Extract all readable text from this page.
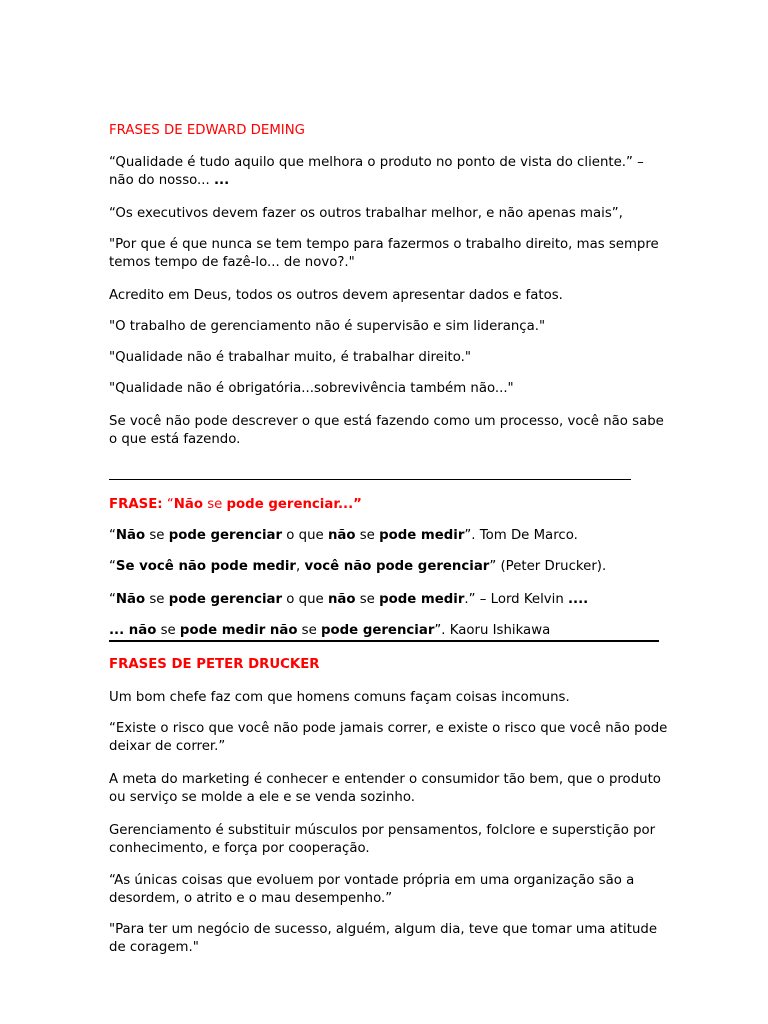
FRASES DE EDWARD DEMING

“Qualidade é tudo aquilo que melhora o produto no ponto de vista do cliente.” – não do nosso... ...

“Os executivos devem fazer os outros trabalhar melhor, e não apenas mais”,

"Por que é que nunca se tem tempo para fazermos o trabalho direito, mas sempre temos tempo de fazê-lo... de novo?."

Acredito em Deus, todos os outros devem apresentar dados e fatos.

"O trabalho de gerenciamento não é supervisão e sim liderança."

"Qualidade não é trabalhar muito, é trabalhar direito."

"Qualidade não é obrigatória...sobrevivência também não..."

Se você não pode descrever o que está fazendo como um processo, você não sabe o que está fazendo.

FRASE: “Não se pode gerenciar...”

“Não se pode gerenciar o que não se pode medir”. Tom De Marco.

“Se você não pode medir, você não pode gerenciar” (Peter Drucker).

“Não se pode gerenciar o que não se pode medir.” – Lord Kelvin ....

... não se pode medir não se pode gerenciar”. Kaoru Ishikawa

FRASES DE PETER DRUCKER

Um bom chefe faz com que homens comuns façam coisas incomuns.

“Existe o risco que você não pode jamais correr, e existe o risco que você não pode deixar de correr.”

A meta do marketing é conhecer e entender o consumidor tão bem, que o produto ou serviço se molde a ele e se venda sozinho.

Gerenciamento é substituir músculos por pensamentos, folclore e superstição por conhecimento, e força por cooperação.

“As únicas coisas que evoluem por vontade própria em uma organização são a desordem, o atrito e o mau desempenho.”

"Para ter um negócio de sucesso, alguém, algum dia, teve que tomar uma atitude de coragem."
